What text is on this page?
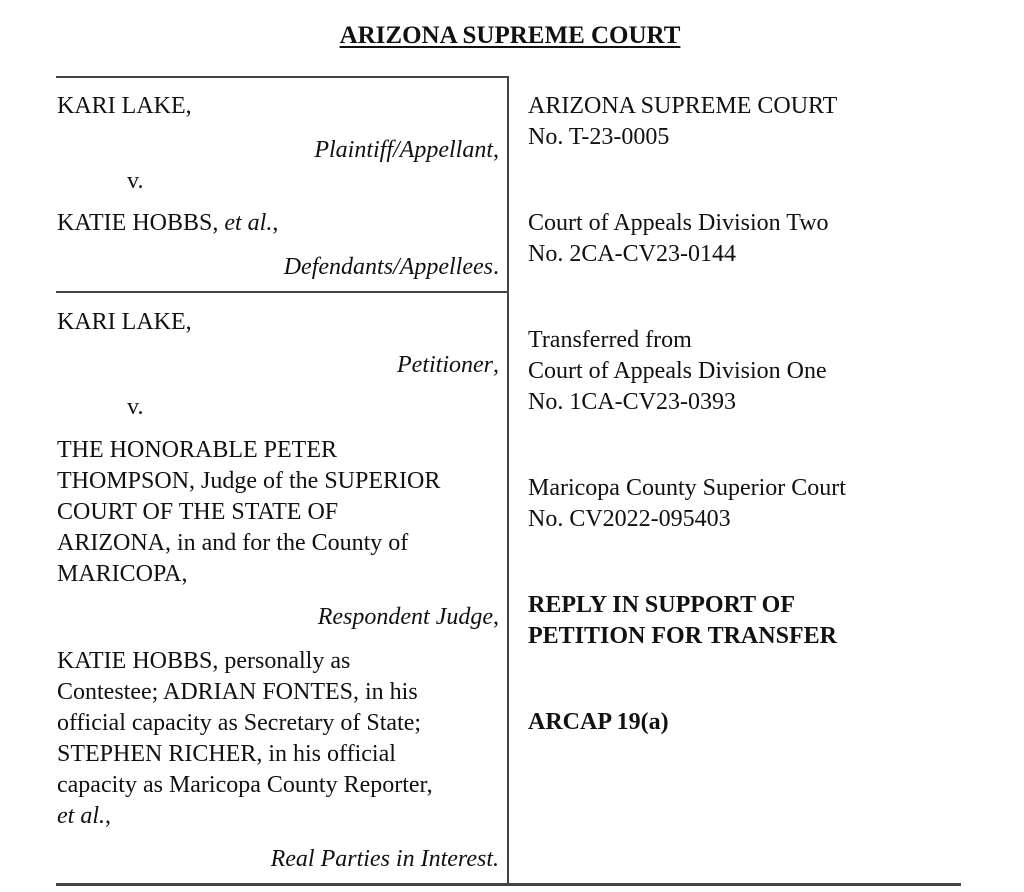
ARIZONA SUPREME COURT
KARI LAKE,
Plaintiff/Appellant,
v.
KATIE HOBBS, et al.,
Defendants/Appellees.
KARI LAKE,
Petitioner,
v.
THE HONORABLE PETER
THOMPSON, Judge of the SUPERIOR
COURT OF THE STATE OF
ARIZONA, in and for the County of
MARICOPA,
Respondent Judge,
KATIE HOBBS, personally as
Contestee; ADRIAN FONTES, in his
official capacity as Secretary of State;
STEPHEN RICHER, in his official
capacity as Maricopa County Reporter,
et al.,
Real Parties in Interest.
ARIZONA SUPREME COURT
No. T-23-0005
Court of Appeals Division Two
No. 2CA-CV23-0144
Transferred from
Court of Appeals Division One
No. 1CA-CV23-0393
Maricopa County Superior Court
No. CV2022-095403
REPLY IN SUPPORT OF
PETITION FOR TRANSFER
ARCAP 19(a)
